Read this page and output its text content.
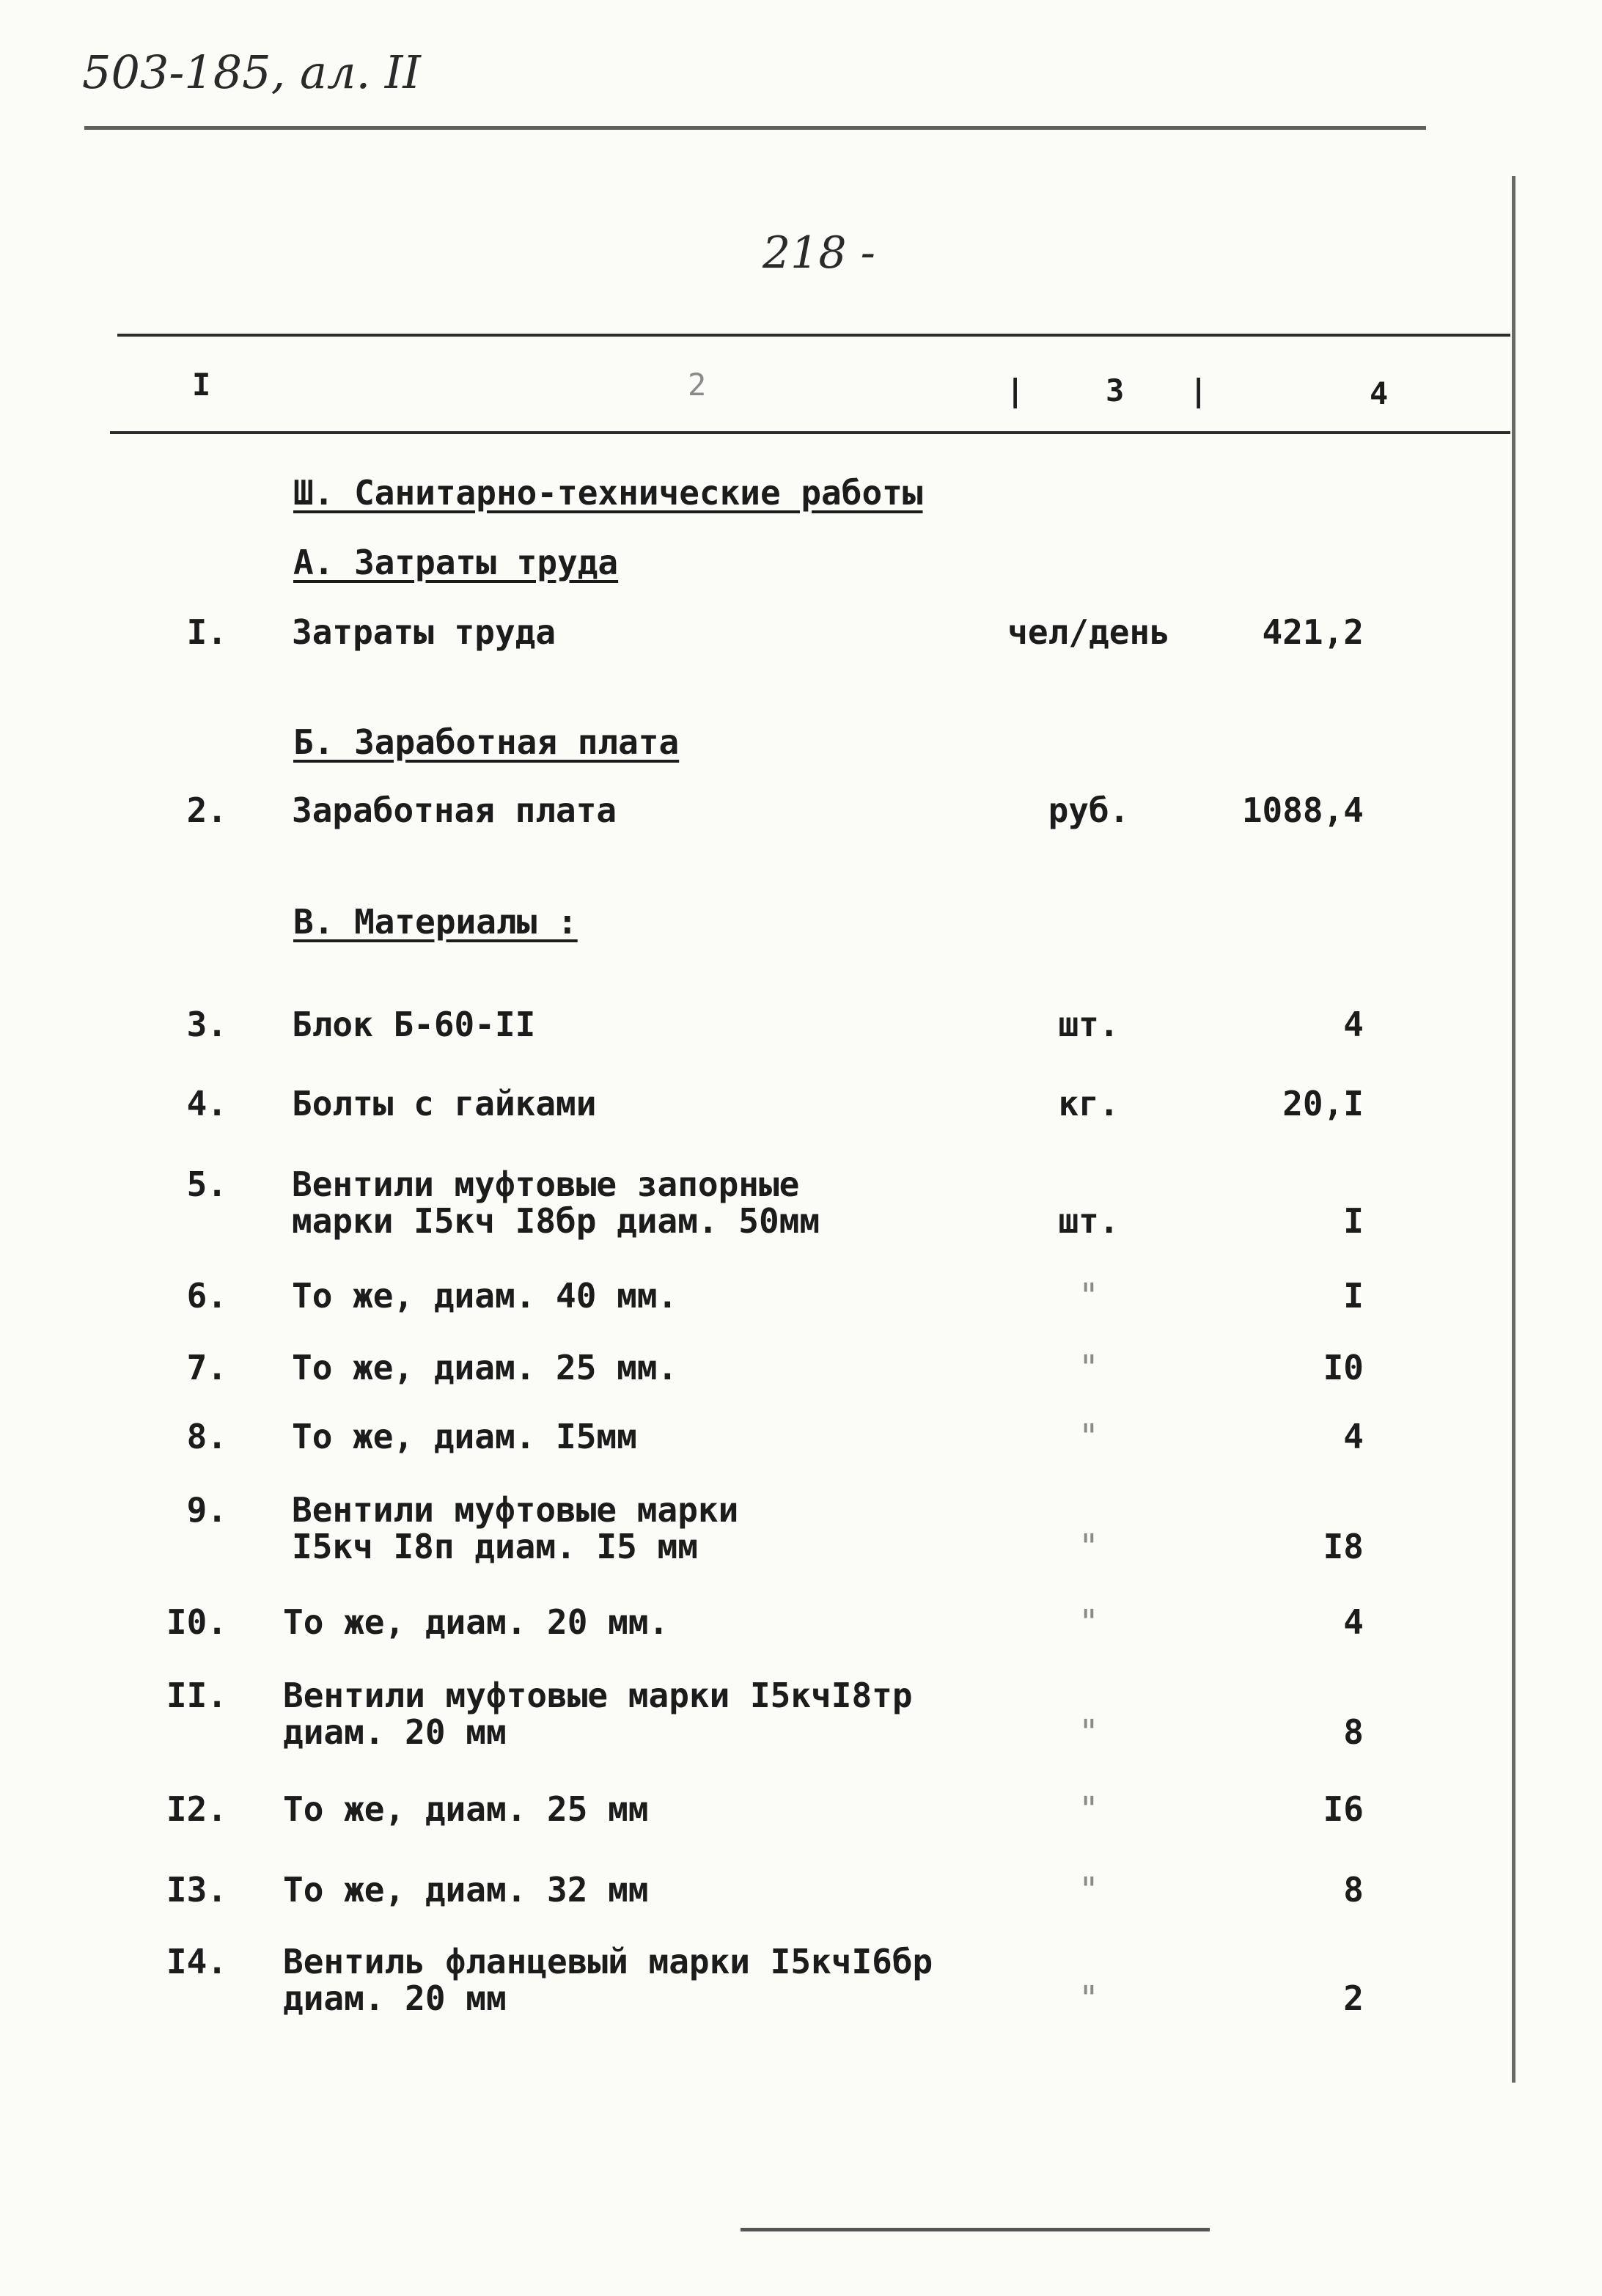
503-185, ал. II
218 -
I	2	|	3 |	4
Ш. Санитарно-технические работы
А. Затраты труда
Б. Заработная плата
В. Материалы :
I. Затраты труда	чел/день	421,2
2. Заработная плата	руб.	1088,4
3. Блок Б-60-II	шт.	4
4. Болты с гайками	кг.	20,I
5. Вентили муфтовые запорные
марки I5кч I8бр диам. 50мм	шт.	I
6. То же, диам. 40 мм.	"	I
7. То же, диам. 25 мм.	"	I0
8. То же, диам. I5мм	"	4
9. Вентили муфтовые марки
I5кч I8п диам. I5 мм	"	I8
I0. То же, диам. 20 мм.	"	4
II. Вентили муфтовые марки I5кчI8тр
диам. 20 мм	"	8
I2. То же, диам. 25 мм	"	I6
I3. То же, диам. 32 мм	"	8
I4. Вентиль фланцевый марки I5кчI6бр
диам. 20 мм	"	2
